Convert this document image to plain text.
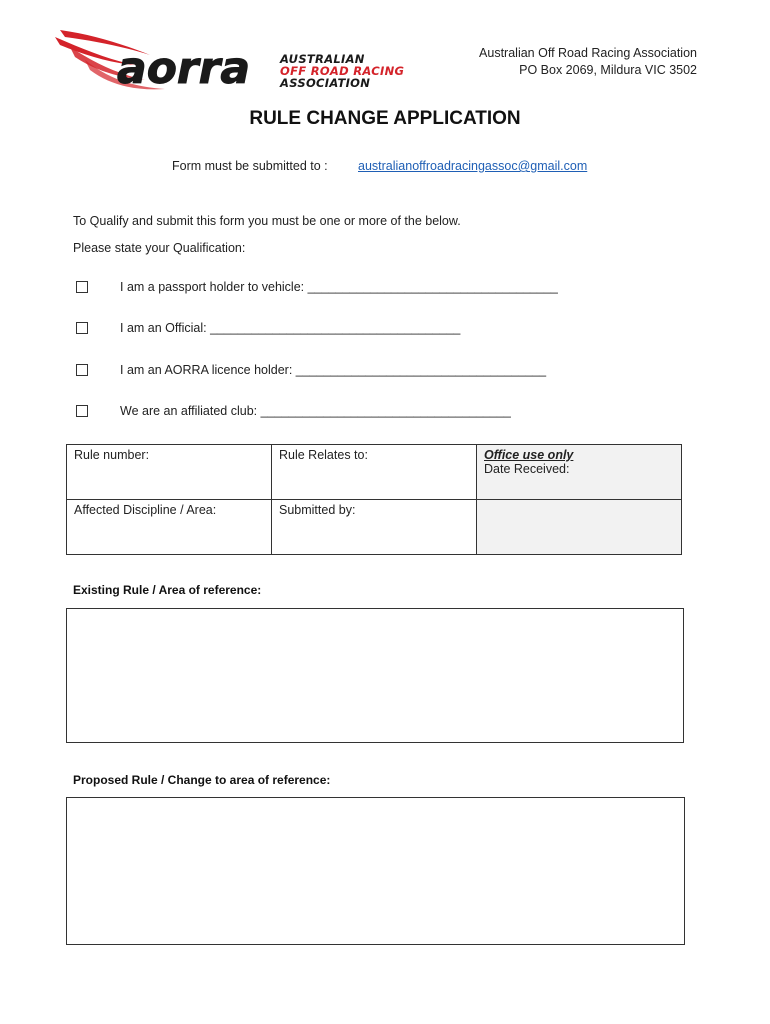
aorra	AUSTRALIAN
OFF ROAD RACING
ASSOCIATION
Australian Off Road Racing Association
PO Box 2069, Mildura VIC 3502
RULE CHANGE APPLICATION
Form must be submitted to : australianoffroadracingassoc@gmail.com
To Qualify and submit this form you must be one or more of the below.
Please state your Qualification:
I am a passport holder to vehicle: ____________________________________
I am an Official: ____________________________________
I am an AORRA licence holder: ____________________________________
We are an affiliated club: ____________________________________
Rule number:	Rule Relates to:	Office use only
Date Received:

Affected Discipline / Area:	Submitted by:	
Existing Rule / Area of reference:
Proposed Rule / Change to area of reference:
